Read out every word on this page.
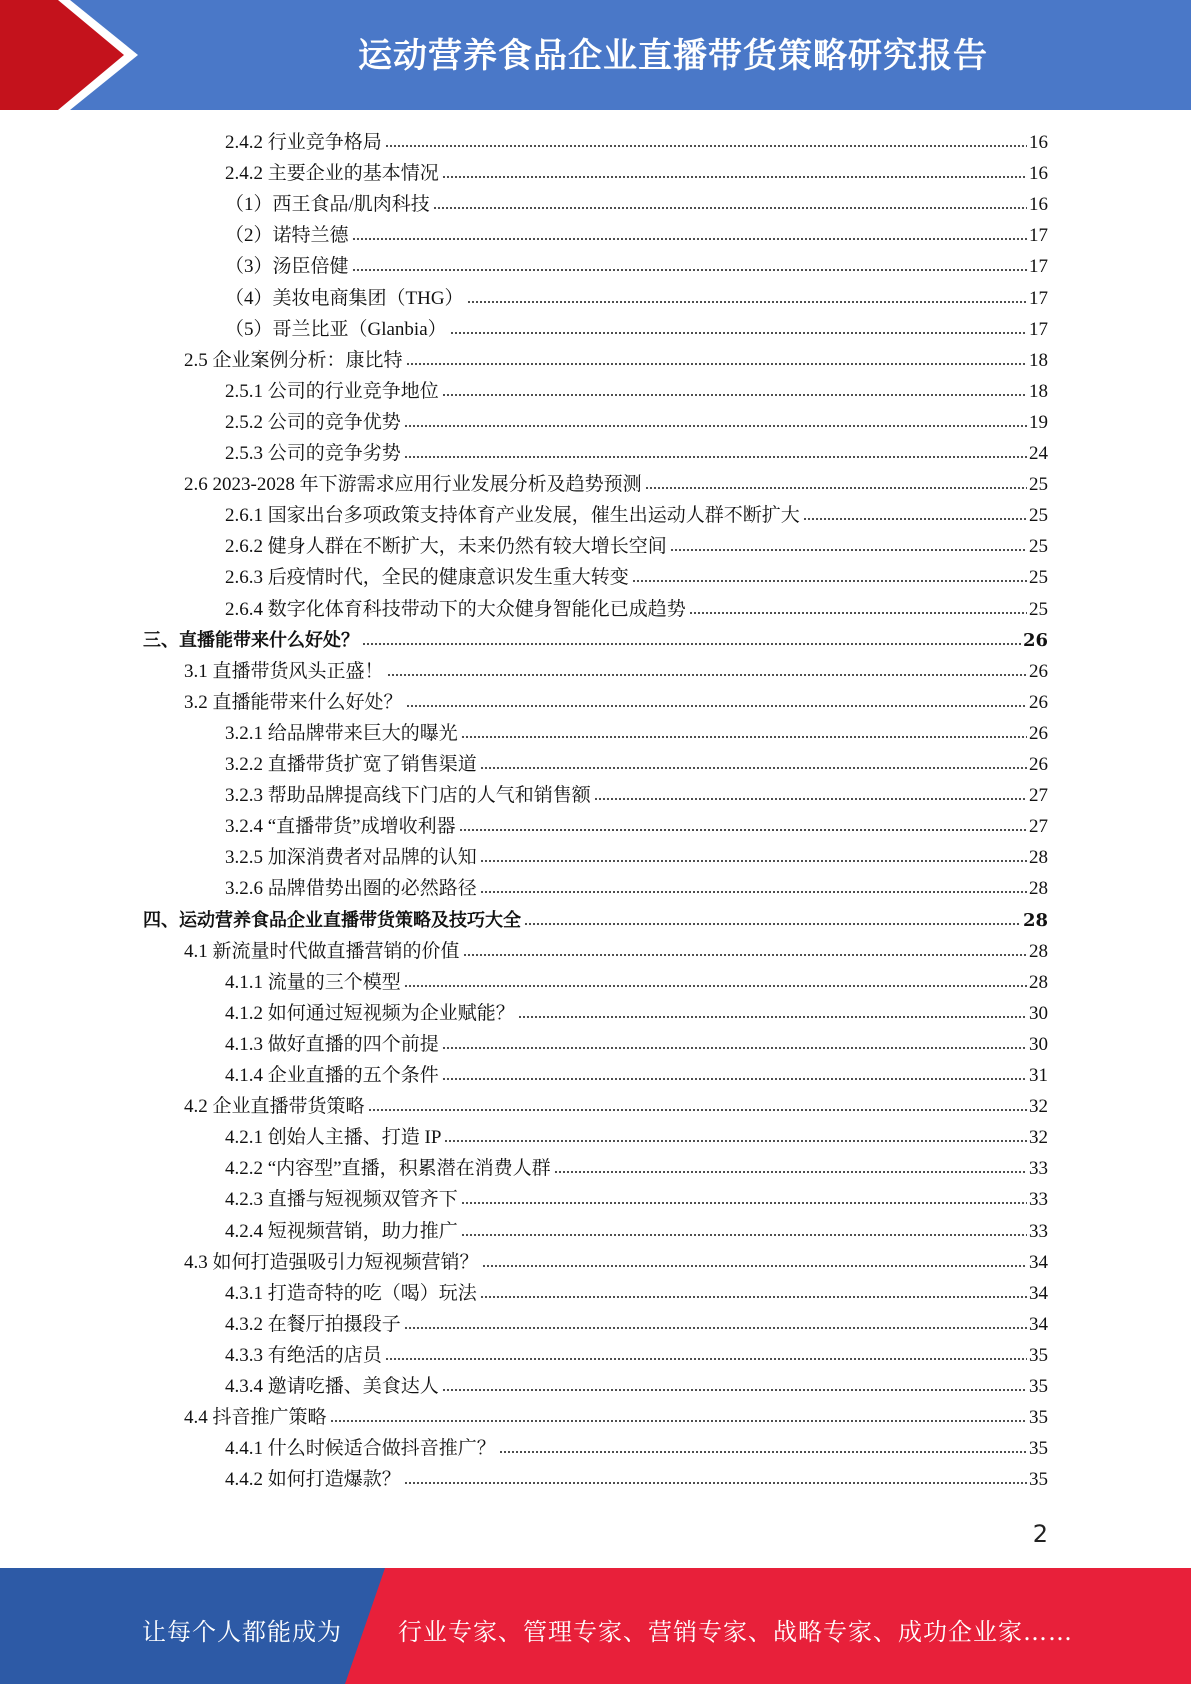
运动营养食品企业直播带货策略研究报告
2.4.2 行业竞争格局	16
2.4.2 主要企业的基本情况	16
（1）西王食品/肌肉科技	16
（2）诺特兰德	17
（3）汤臣倍健	17
（4）美妆电商集团（THG）	17
（5）哥兰比亚（Glanbia）	17
2.5 企业案例分析：康比特	18
2.5.1 公司的行业竞争地位	18
2.5.2 公司的竞争优势	19
2.5.3 公司的竞争劣势	24
2.6 2023-2028 年下游需求应用行业发展分析及趋势预测	25
2.6.1 国家出台多项政策支持体育产业发展，催生出运动人群不断扩大	25
2.6.2 健身人群在不断扩大，未来仍然有较大增长空间	25
2.6.3 后疫情时代，全民的健康意识发生重大转变	25
2.6.4 数字化体育科技带动下的大众健身智能化已成趋势	25
三、直播能带来什么好处？	26
3.1 直播带货风头正盛！	26
3.2 直播能带来什么好处？	26
3.2.1 给品牌带来巨大的曝光	26
3.2.2 直播带货扩宽了销售渠道	26
3.2.3 帮助品牌提高线下门店的人气和销售额	27
3.2.4 “直播带货”成增收利器	27
3.2.5 加深消费者对品牌的认知	28
3.2.6 品牌借势出圈的必然路径	28
四、运动营养食品企业直播带货策略及技巧大全	28
4.1 新流量时代做直播营销的价值	28
4.1.1 流量的三个模型	28
4.1.2 如何通过短视频为企业赋能？	30
4.1.3 做好直播的四个前提	30
4.1.4 企业直播的五个条件	31
4.2 企业直播带货策略	32
4.2.1 创始人主播、打造 IP	32
4.2.2 “内容型”直播，积累潜在消费人群	33
4.2.3 直播与短视频双管齐下	33
4.2.4 短视频营销，助力推广	33
4.3 如何打造强吸引力短视频营销？	34
4.3.1 打造奇特的吃（喝）玩法	34
4.3.2 在餐厅拍摄段子	34
4.3.3 有绝活的店员	35
4.3.4 邀请吃播、美食达人	35
4.4 抖音推广策略	35
4.4.1 什么时候适合做抖音推广？	35
4.4.2 如何打造爆款？	35
2
让每个人都能成为 行业专家、管理专家、营销专家、战略专家、成功企业家……
